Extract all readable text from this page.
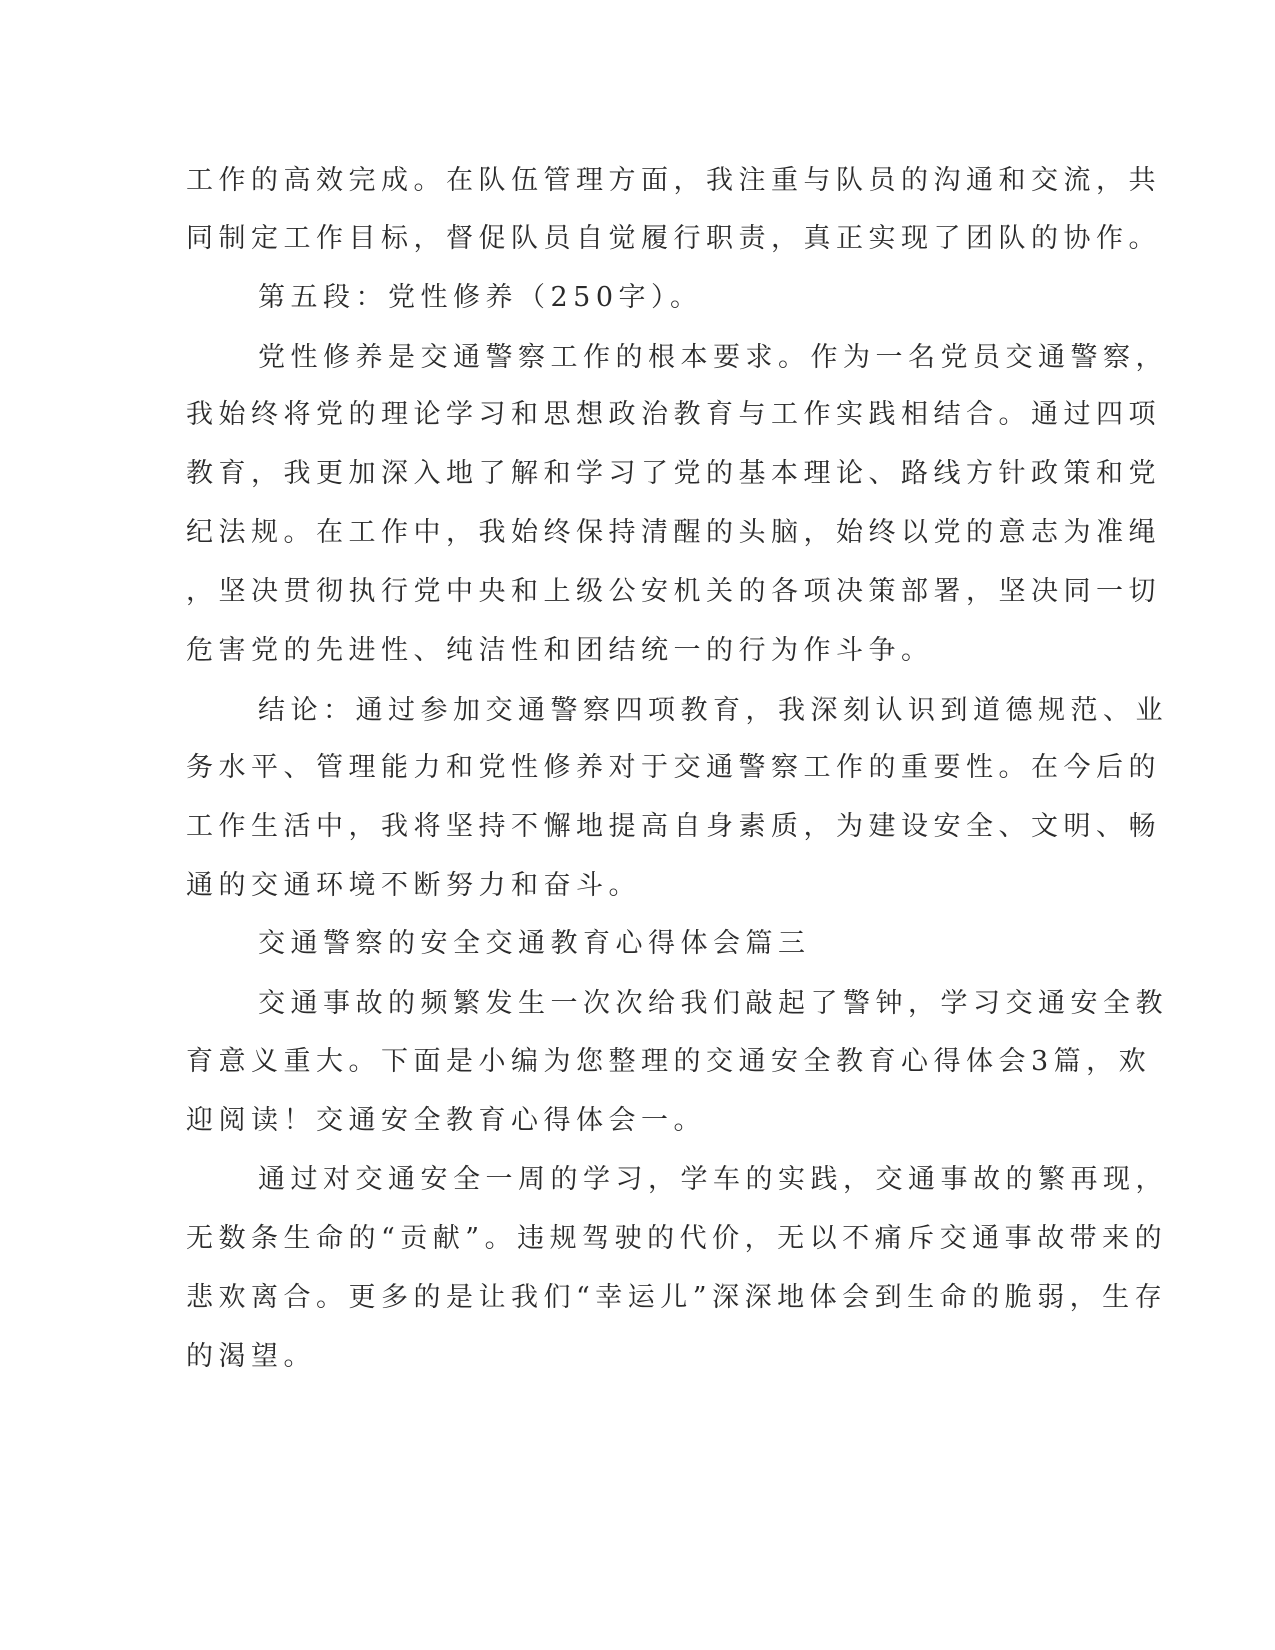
工作的高效完成。在队伍管理方面，我注重与队员的沟通和交流，共

同制定工作目标，督促队员自觉履行职责，真正实现了团队的协作。

第五段：党性修养（250字）。

党性修养是交通警察工作的根本要求。作为一名党员交通警察，

我始终将党的理论学习和思想政治教育与工作实践相结合。通过四项

教育，我更加深入地了解和学习了党的基本理论、路线方针政策和党

纪法规。在工作中，我始终保持清醒的头脑，始终以党的意志为准绳

，坚决贯彻执行党中央和上级公安机关的各项决策部署，坚决同一切

危害党的先进性、纯洁性和团结统一的行为作斗争。

结论：通过参加交通警察四项教育，我深刻认识到道德规范、业

务水平、管理能力和党性修养对于交通警察工作的重要性。在今后的

工作生活中，我将坚持不懈地提高自身素质，为建设安全、文明、畅

通的交通环境不断努力和奋斗。

交通警察的安全交通教育心得体会篇三

交通事故的频繁发生一次次给我们敲起了警钟，学习交通安全教

育意义重大。下面是小编为您整理的交通安全教育心得体会3篇，欢

迎阅读！交通安全教育心得体会一。

通过对交通安全一周的学习，学车的实践，交通事故的繁再现，

无数条生命的“贡献”。违规驾驶的代价，无以不痛斥交通事故带来的

悲欢离合。更多的是让我们“幸运儿”深深地体会到生命的脆弱，生存

的渴望。
